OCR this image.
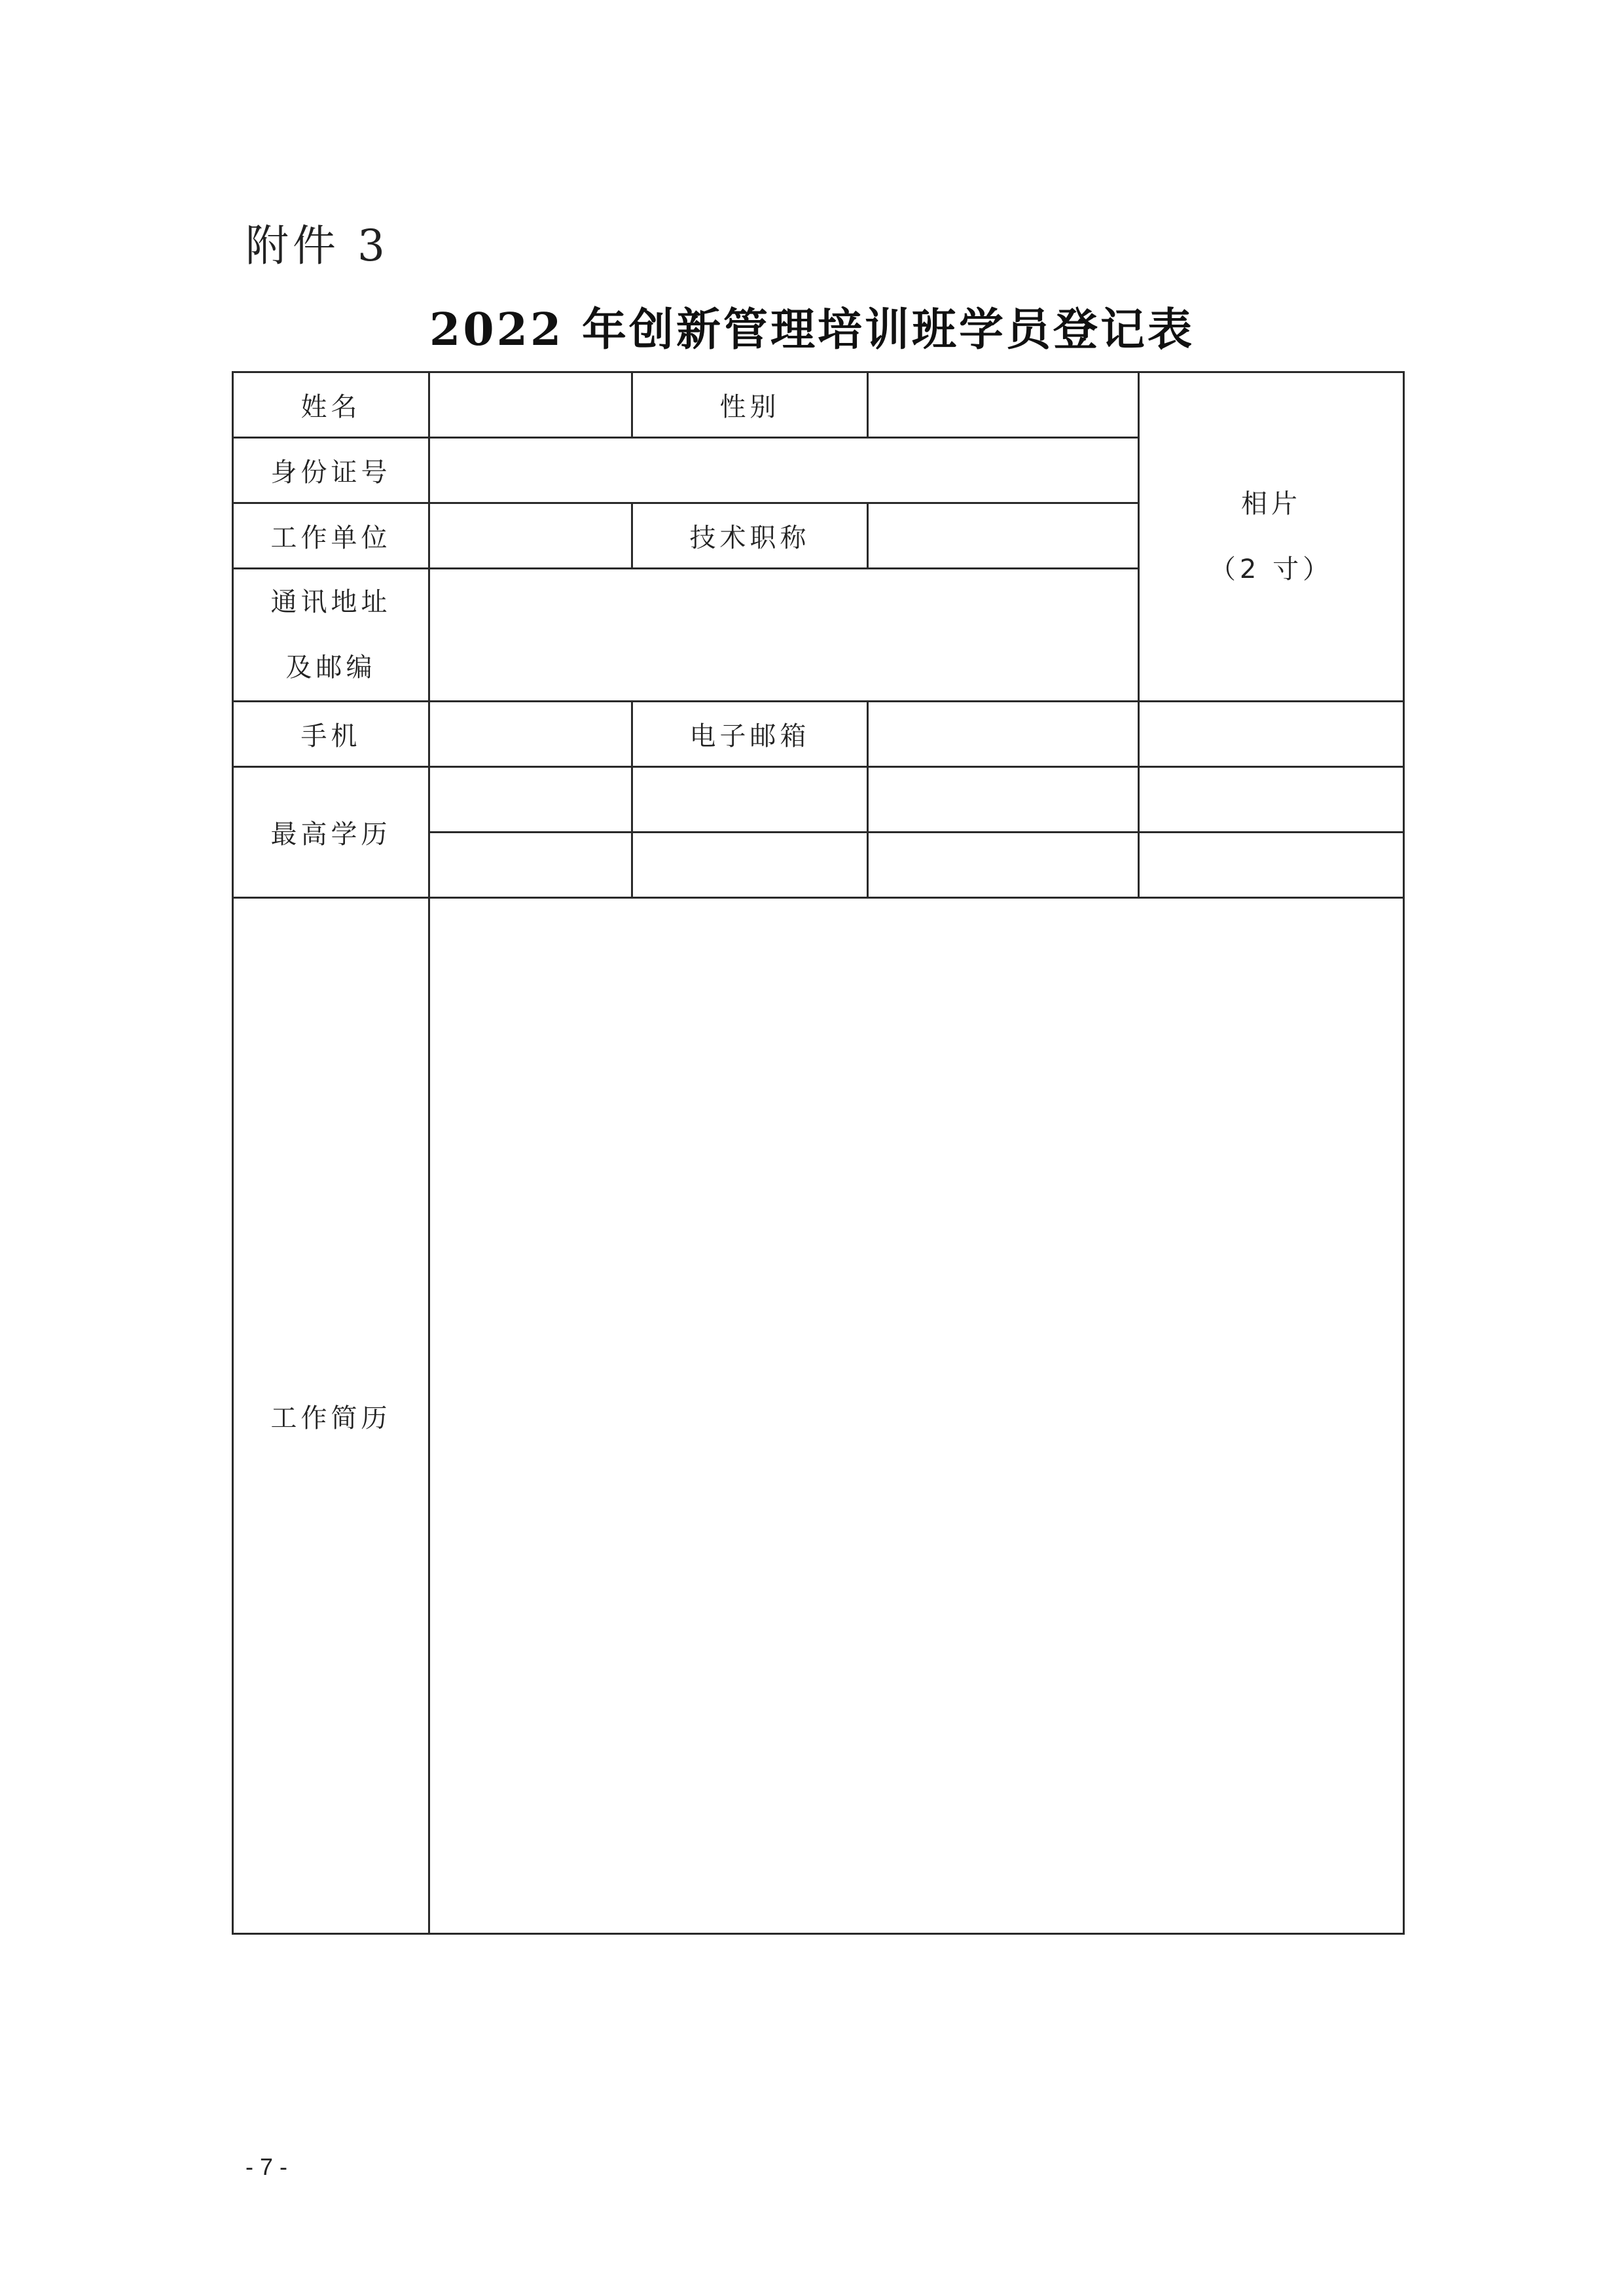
附件 3
2022 年创新管理培训班学员登记表
姓名		性别		相片
（2 寸）

身份证号				
工作单位		技术职称		

通讯地址
及邮编				

手机		电子邮箱		
最高学历				

工作简历				
- 7 -
